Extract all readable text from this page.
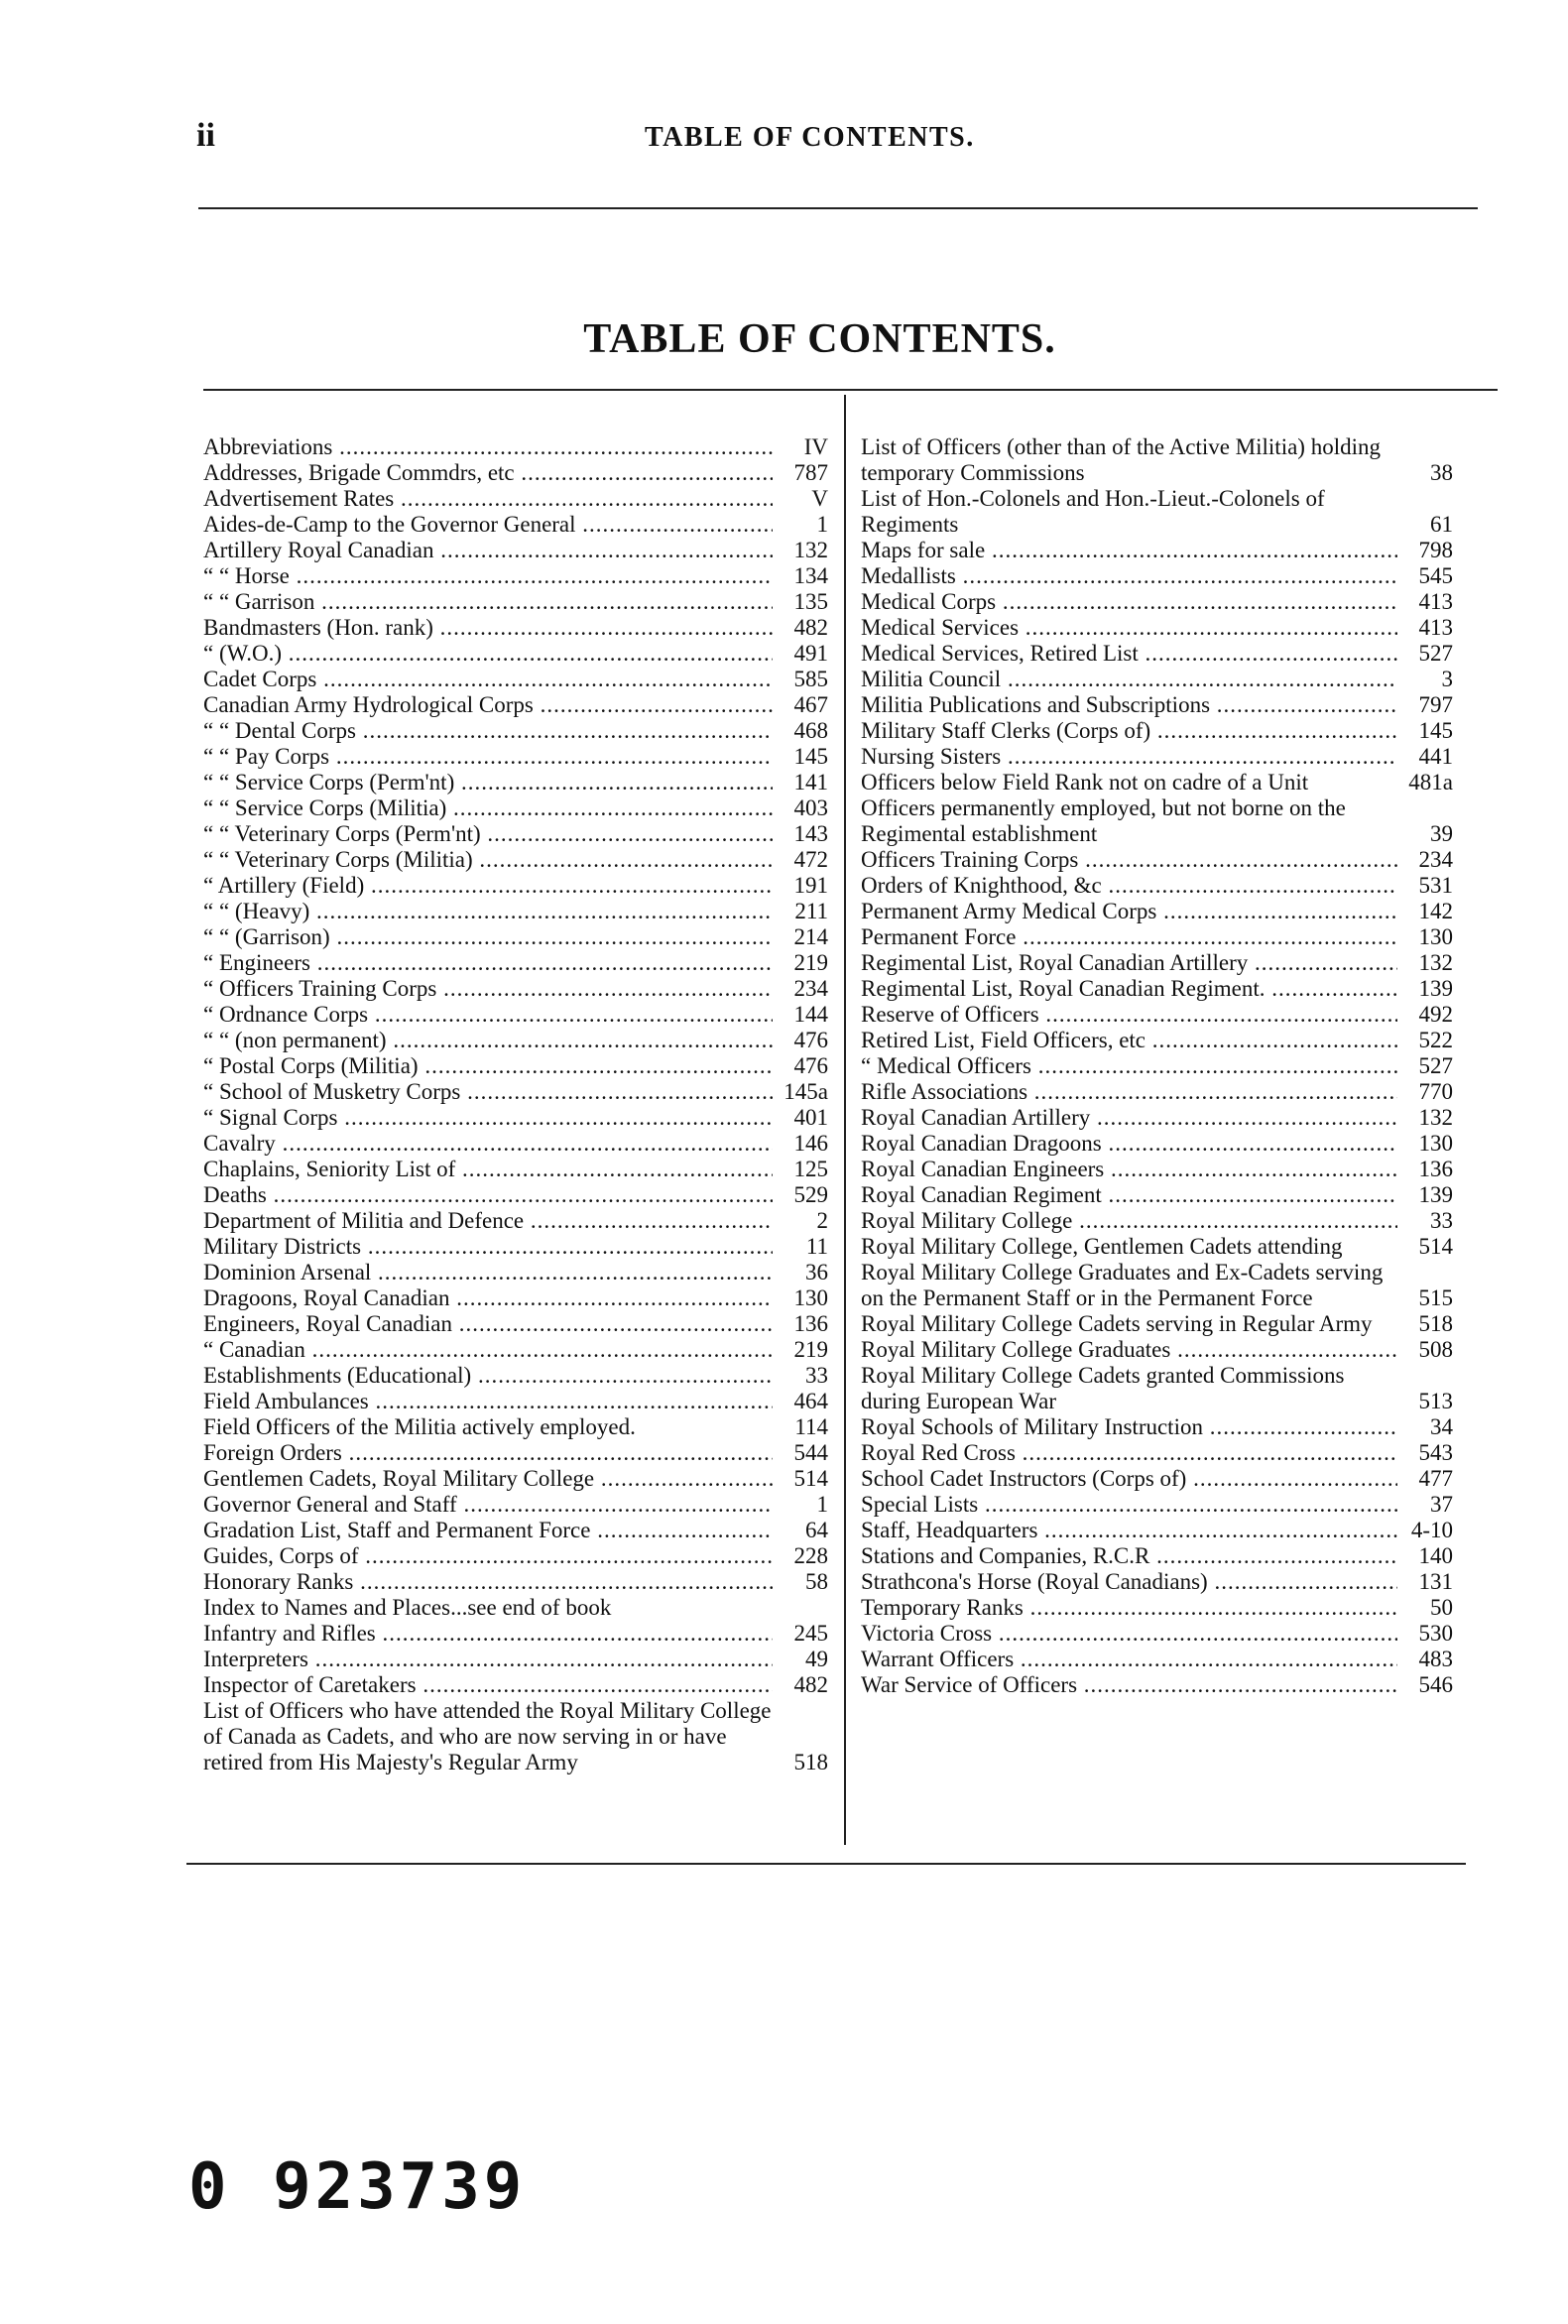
ii	TABLE OF CONTENTS.
TABLE OF CONTENTS.
Abbreviations .....	IV
Addresses, Brigade Commdrs, etc .....	787
Advertisement Rates .....	V
Aides-de-Camp to the Governor General .....	1
Artillery Royal Canadian .....	132
“ “ Horse .....	134
“ “ Garrison .....	135
Bandmasters (Hon. rank) .....	482
“ (W.O.) .....	491
Cadet Corps .....	585
Canadian Army Hydrological Corps .....	467
“ “ Dental Corps .....	468
“ “ Pay Corps .....	145
“ “ Service Corps (Perm'nt) .....	141
“ “ Service Corps (Militia) .....	403
“ “ Veterinary Corps (Perm'nt) .....	143
“ “ Veterinary Corps (Militia) .....	472
“ Artillery (Field) .....	191
“ “ (Heavy) .....	211
“ “ (Garrison) .....	214
“ Engineers .....	219
“ Officers Training Corps .....	234
“ Ordnance Corps .....	144
“ “ (non permanent) .....	476
“ Postal Corps (Militia) .....	476
“ School of Musketry Corps .....	145a
“ Signal Corps .....	401
Cavalry .....	146
Chaplains, Seniority List of .....	125
Deaths .....	529
Department of Militia and Defence .....	2
Military Districts .....	11
Dominion Arsenal .....	36
Dragoons, Royal Canadian .....	130
Engineers, Royal Canadian .....	136
“ Canadian .....	219
Establishments (Educational) .....	33
Field Ambulances .....	464
Field Officers of the Militia actively employed.	114
Foreign Orders .....	544
Gentlemen Cadets, Royal Military College .....	514
Governor General and Staff .....	1
Gradation List, Staff and Permanent Force .....	64
Guides, Corps of .....	228
Honorary Ranks .....	58
Index to Names and Places...see end of book
Infantry and Rifles .....	245
Interpreters .....	49
Inspector of Caretakers .....	482
List of Officers who have attended the Royal Military College of Canada as Cadets, and who are now serving in or have retired from His Majesty's Regular Army	518
List of Officers (other than of the Active Militia) holding temporary Commissions	38
List of Hon.-Colonels and Hon.-Lieut.-Colonels of Regiments	61
Maps for sale .....	798
Medallists .....	545
Medical Corps .....	413
Medical Services .....	413
Medical Services, Retired List .....	527
Militia Council .....	3
Militia Publications and Subscriptions .....	797
Military Staff Clerks (Corps of) .....	145
Nursing Sisters .....	441
Officers below Field Rank not on cadre of a Unit	481a
Officers permanently employed, but not borne on the Regimental establishment	39
Officers Training Corps .....	234
Orders of Knighthood, &c .....	531
Permanent Army Medical Corps .....	142
Permanent Force .....	130
Regimental List, Royal Canadian Artillery .....	132
Regimental List, Royal Canadian Regiment. .....	139
Reserve of Officers .....	492
Retired List, Field Officers, etc .....	522
“ Medical Officers .....	527
Rifle Associations .....	770
Royal Canadian Artillery .....	132
Royal Canadian Dragoons .....	130
Royal Canadian Engineers .....	136
Royal Canadian Regiment .....	139
Royal Military College .....	33
Royal Military College, Gentlemen Cadets attending	514
Royal Military College Graduates and Ex-Cadets serving on the Permanent Staff or in the Permanent Force	515
Royal Military College Cadets serving in Regular Army	518
Royal Military College Graduates .....	508
Royal Military College Cadets granted Commissions during European War	513
Royal Schools of Military Instruction .....	34
Royal Red Cross .....	543
School Cadet Instructors (Corps of) .....	477
Special Lists .....	37
Staff, Headquarters .....	4-10
Stations and Companies, R.C.R .....	140
Strathcona's Horse (Royal Canadians) .....	131
Temporary Ranks .....	50
Victoria Cross .....	530
Warrant Officers .....	483
War Service of Officers .....	546
0 923739
